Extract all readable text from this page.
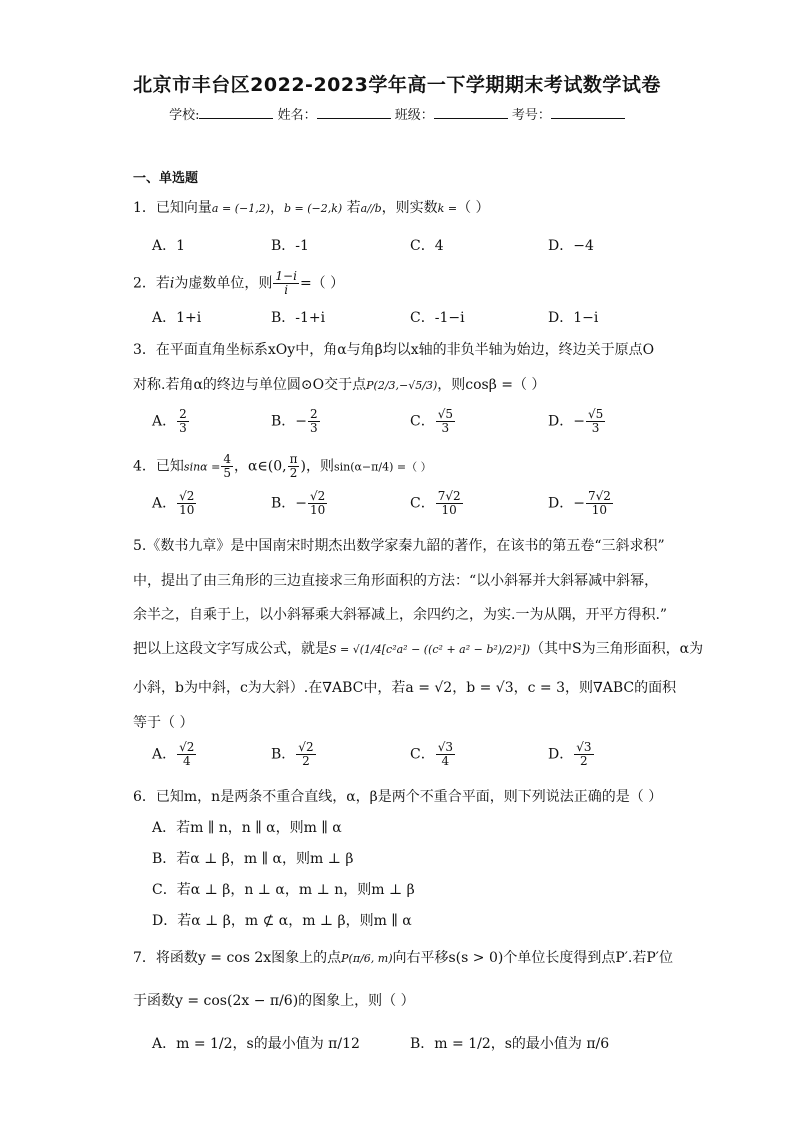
北京市丰台区2022-2023学年高一下学期期末考试数学试卷
学校:	姓名：	班级：	考号：
一、单选题
1．已知向量a = (−1,2)，b = (−2,k) 若a//b，则实数k =（ ）
A．1	B．-1	C．4	D．−4
2．若i为虚数单位，则 $\frac{1-i}{i}$ =（ ）
A．1+i	B．-1+i	C．-1−i	D．1−i
3．在平面直角坐标系xOy中，角α与角β均以x轴的非负半轴为始边，终边关于原点O
对称.若角α的终边与单位圆⊙O交于点P(2/3,−√5/3)，则cosβ =（ ）
A． $\frac{2}{3}$	B．− $\frac{2}{3}$	C． $\frac{√5}{3}$	D．− $\frac{√5}{3}$
4．已知$\sin\alpha = \frac{4}{5}$ ，α∈(0, $\frac{\pi}{2}$ )，则sin(α−π/4) =（ ）
A． $\frac{√2}{10}$	B．− $\frac{√2}{10}$	C． $\frac{7√2}{10}$	D．− $\frac{7√2}{10}$
5.《数书九章》是中国南宋时期杰出数学家秦九韶的著作，在该书的第五卷“三斜求积”
中，提出了由三角形的三边直接求三角形面积的方法：“以小斜幂并大斜幂减中斜幂，
余半之，自乘于上，以小斜幂乘大斜幂减上，余四约之，为实.一为从隅，开平方得积.”
把以上这段文字写成公式，就是S = √(1/4[c²a² − ((c² + a² − b²)/2)²])（其中S为三角形面积，α为
小斜，b为中斜，c为大斜）.在∇ABC中，若a = √2，b = √3，c = 3，则∇ABC的面积
等于（ ）
A． $\frac{√2}{4}$	B． $\frac{√2}{2}$	C． $\frac{√3}{4}$	D． $\frac{√3}{2}$
6．已知m，n是两条不重合直线，α，β是两个不重合平面，则下列说法正确的是（ ）
A．若m ∥ n，n ∥ α，则m ∥ α
B．若α ⊥ β，m ∥ α，则m ⊥ β
C．若α ⊥ β，n ⊥ α，m ⊥ n，则m ⊥ β
D．若α ⊥ β，m ⊄ α，m ⊥ β，则m ∥ α
7．将函数y = cos 2x图象上的点P(π/6, m)向右平移s(s > 0)个单位长度得到点P′.若P′位
于函数y = cos(2x − π/6)的图象上，则（ ）
A．m = 1/2，s的最小值为 π/12	B．m = 1/2，s的最小值为 π/6
